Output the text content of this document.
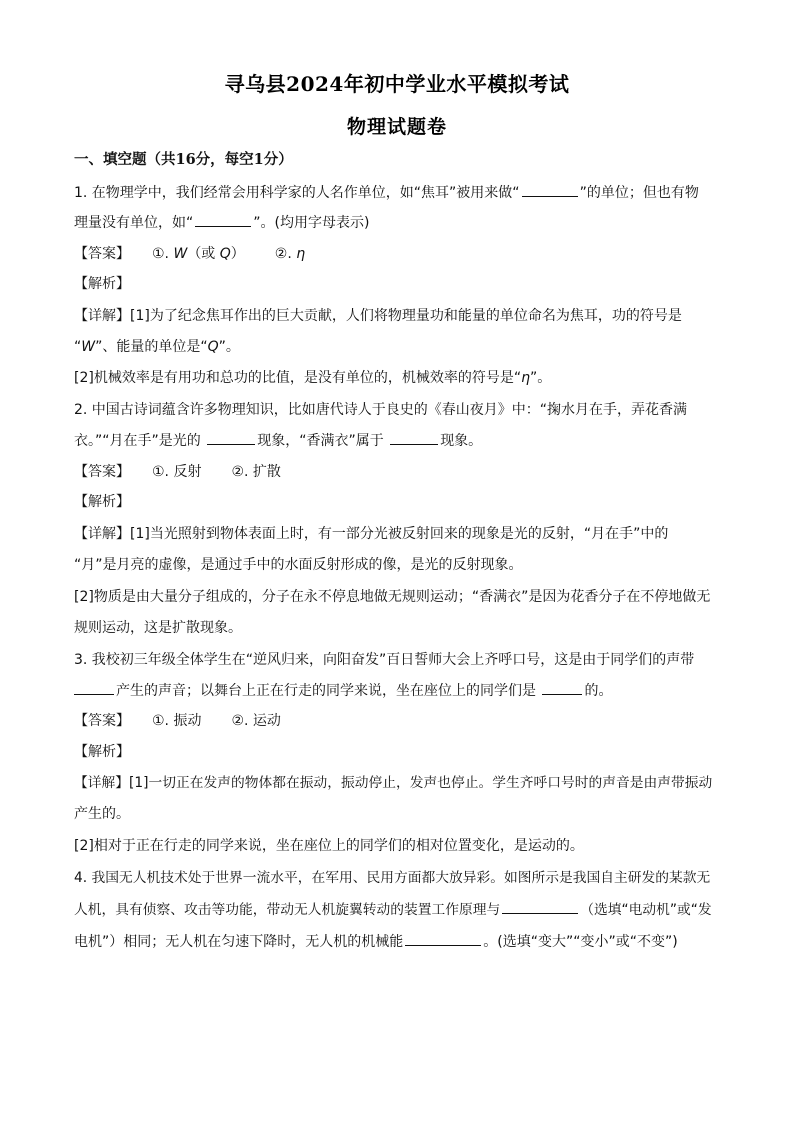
寻乌县2024年初中学业水平模拟考试
物理试题卷
一、填空题（共16分，每空1分）
1. 在物理学中，我们经常会用科学家的人名作单位，如“焦耳”被用来做“	”的单位；但也有物
理量没有单位，如“	”。(均用字母表示)
【答案】 ①. W（或 Q） ②. η
【解析】
【详解】[1]为了纪念焦耳作出的巨大贡献，人们将物理量功和能量的单位命名为焦耳，功的符号是
“W”、能量的单位是“Q”。
[2]机械效率是有用功和总功的比值，是没有单位的，机械效率的符号是“η”。
2. 中国古诗词蕴含许多物理知识，比如唐代诗人于良史的《春山夜月》中：“掬水月在手，弄花香满
衣。”“月在手”是光的	现象，“香满衣”属于	现象。
【答案】 ①. 反射 ②. 扩散
【解析】
【详解】[1]当光照射到物体表面上时，有一部分光被反射回来的现象是光的反射，“月在手”中的
“月”是月亮的虚像，是通过手中的水面反射形成的像，是光的反射现象。
[2]物质是由大量分子组成的，分子在永不停息地做无规则运动；“香满衣”是因为花香分子在不停地做无
规则运动，这是扩散现象。
3. 我校初三年级全体学生在“逆风归来，向阳奋发”百日誓师大会上齐呼口号，这是由于同学们的声带
产生的声音；以舞台上正在行走的同学来说，坐在座位上的同学们是	的。
【答案】 ①. 振动 ②. 运动
【解析】
【详解】[1]一切正在发声的物体都在振动，振动停止，发声也停止。学生齐呼口号时的声音是由声带振动
产生的。
[2]相对于正在行走的同学来说，坐在座位上的同学们的相对位置变化，是运动的。
4. 我国无人机技术处于世界一流水平，在军用、民用方面都大放异彩。如图所示是我国自主研发的某款无
人机，具有侦察、攻击等功能，带动无人机旋翼转动的装置工作原理与	（选填“电动机”或“发
电机”）相同；无人机在匀速下降时，无人机的机械能	。(选填“变大”“变小”或“不变”)
